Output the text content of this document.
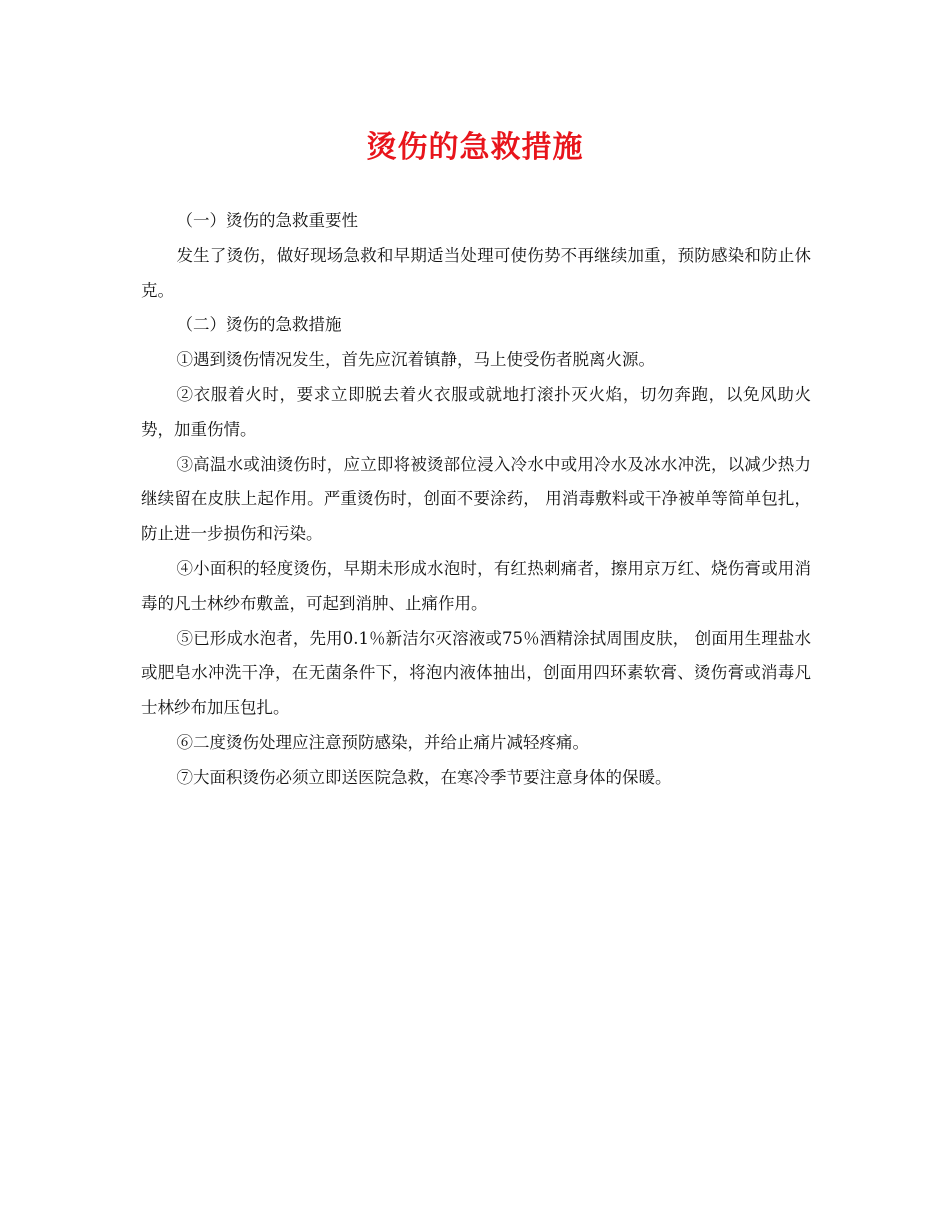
烫伤的急救措施

（一）烫伤的急救重要性

发生了烫伤，做好现场急救和早期适当处理可使伤势不再继续加重，预防感染和防止休克。

（二）烫伤的急救措施

①遇到烫伤情况发生，首先应沉着镇静，马上使受伤者脱离火源。

②衣服着火时，要求立即脱去着火衣服或就地打滚扑灭火焰，切勿奔跑，以免风助火势，加重伤情。

③高温水或油烫伤时，应立即将被烫部位浸入冷水中或用冷水及冰水冲洗，以减少热力继续留在皮肤上起作用。严重烫伤时，创面不要涂药， 用消毒敷料或干净被单等简单包扎，防止进一步损伤和污染。

④小面积的轻度烫伤，早期未形成水泡时，有红热刺痛者，擦用京万红、烧伤膏或用消毒的凡士林纱布敷盖，可起到消肿、止痛作用。

⑤已形成水泡者，先用0.1％新洁尔灭溶液或75％酒精涂拭周围皮肤， 创面用生理盐水或肥皂水冲洗干净，在无菌条件下，将泡内液体抽出，创面用四环素软膏、烫伤膏或消毒凡士林纱布加压包扎。

⑥二度烫伤处理应注意预防感染，并给止痛片减轻疼痛。

⑦大面积烫伤必须立即送医院急救，在寒冷季节要注意身体的保暖。
